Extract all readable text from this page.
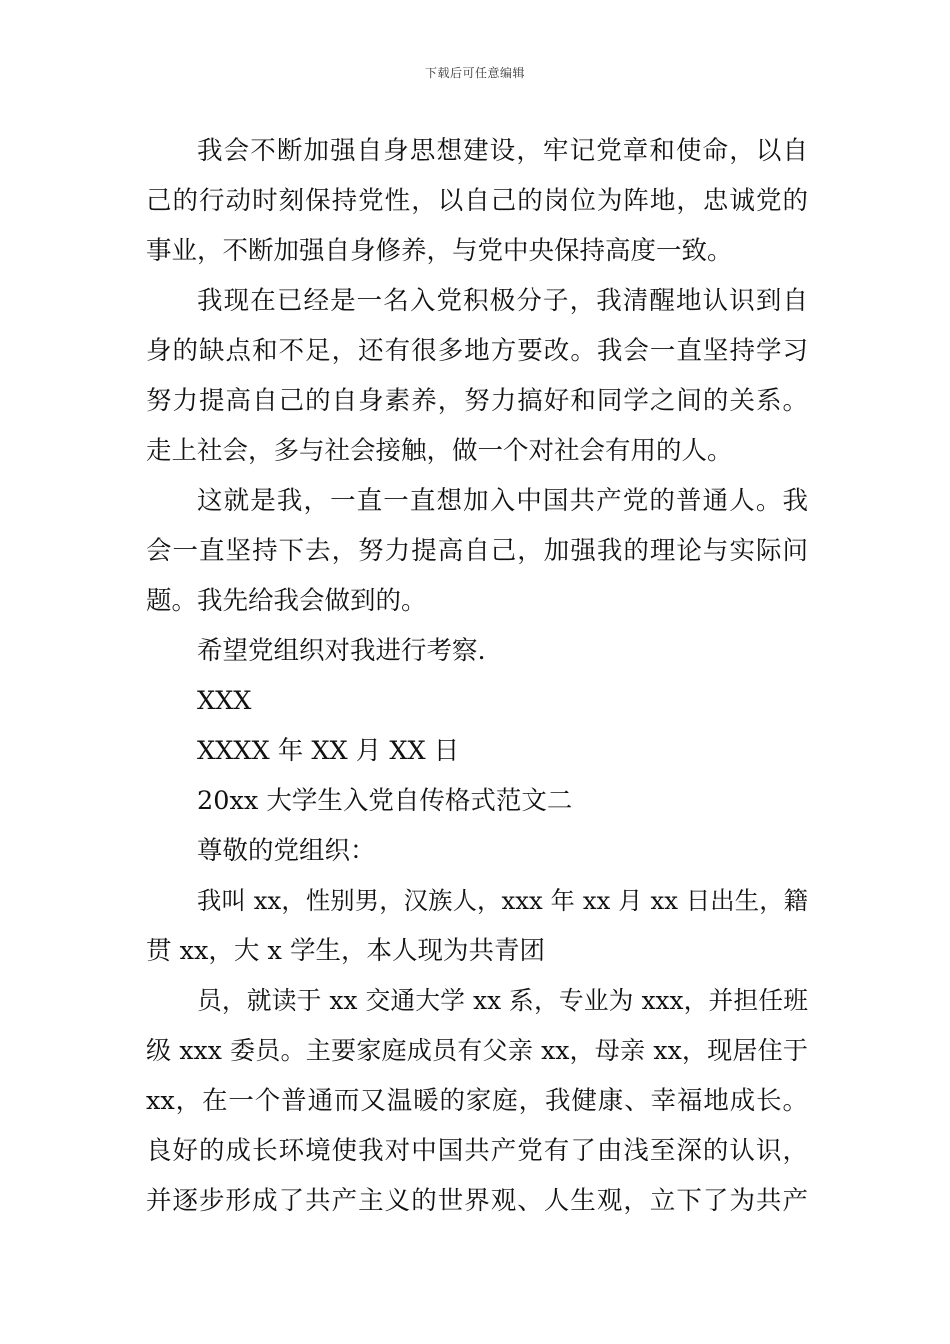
下载后可任意编辑
我会不断加强自身思想建设，牢记党章和使命，以自
己的行动时刻保持党性，以自己的岗位为阵地，忠诚党的
事业，不断加强自身修养，与党中央保持高度一致。
我现在已经是一名入党积极分子，我清醒地认识到自
身的缺点和不足，还有很多地方要改。我会一直坚持学习
努力提高自己的自身素养，努力搞好和同学之间的关系。
走上社会，多与社会接触，做一个对社会有用的人。
这就是我，一直一直想加入中国共产党的普通人。我
会一直坚持下去，努力提高自己，加强我的理论与实际问
题。我先给我会做到的。
希望党组织对我进行考察.
XXX
XXXX 年 XX 月 XX 日
20xx 大学生入党自传格式范文二
尊敬的党组织：
我叫 xx，性别男，汉族人，xxx 年 xx 月 xx 日出生，籍
贯 xx，大 x 学生，本人现为共青团
员，就读于 xx 交通大学 xx 系，专业为 xxx，并担任班
级 xxx 委员。主要家庭成员有父亲 xx，母亲 xx，现居住于
xx，在一个普通而又温暖的家庭，我健康、幸福地成长。
良好的成长环境使我对中国共产党有了由浅至深的认识，
并逐步形成了共产主义的世界观、人生观，立下了为共产
